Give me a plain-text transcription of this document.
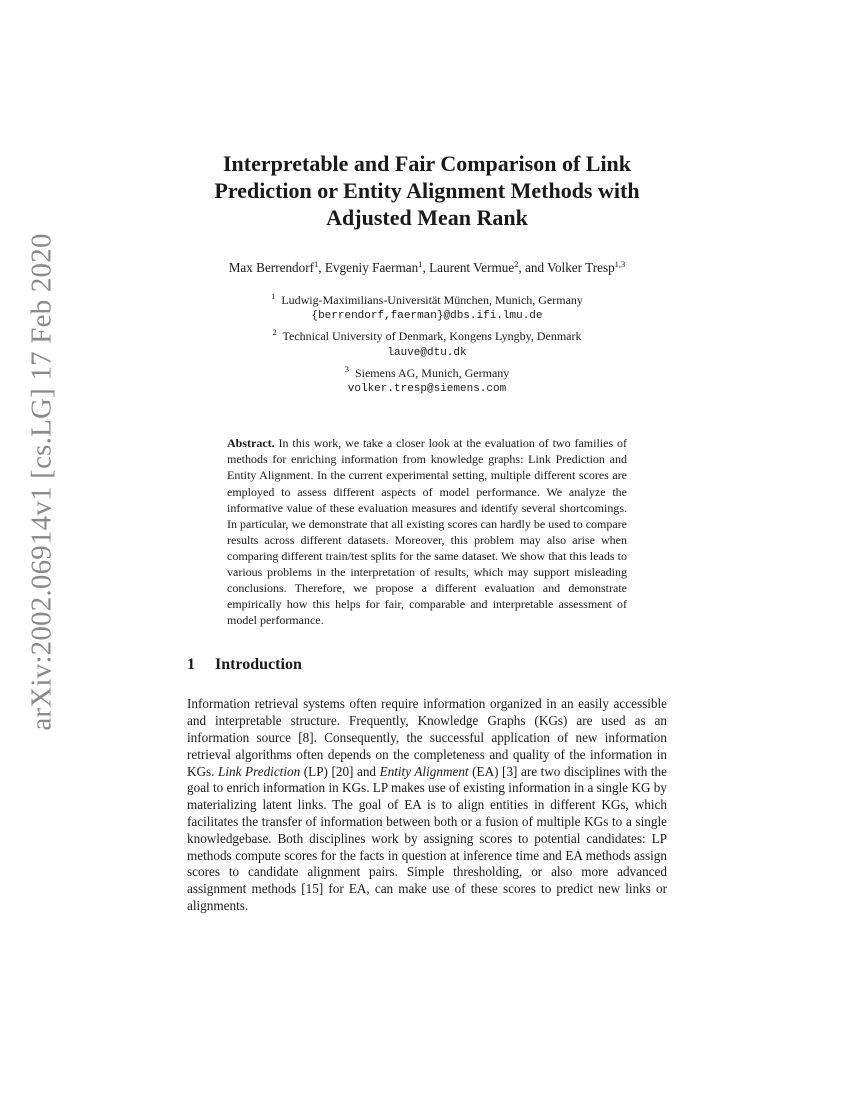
arXiv:2002.06914v1 [cs.LG] 17 Feb 2020
Interpretable and Fair Comparison of Link
Prediction or Entity Alignment Methods with
Adjusted Mean Rank
Max Berrendorf$^1$, Evgeniy Faerman$^1$, Laurent Vermue$^2$, and Volker Tresp$^{1,3}$
$^1$ Ludwig-Maximilians-Universität München, Munich, Germany
{berrendorf,faerman}@dbs.ifi.lmu.de
$^2$ Technical University of Denmark, Kongens Lyngby, Denmark
lauve@dtu.dk
$^3$ Siemens AG, Munich, Germany
volker.tresp@siemens.com
Abstract. In this work, we take a closer look at the evaluation of two families of methods for enriching information from knowledge graphs: Link Prediction and Entity Alignment. In the current experimental setting, multiple different scores are employed to assess different aspects of model performance. We analyze the informative value of these evaluation measures and identify several shortcomings. In particular, we demonstrate that all existing scores can hardly be used to compare results across different datasets. Moreover, this problem may also arise when comparing different train/test splits for the same dataset. We show that this leads to various problems in the interpretation of results, which may support misleading conclusions. Therefore, we propose a different evaluation and demonstrate empirically how this helps for fair, comparable and interpretable assessment of model performance.
1 Introduction

Information retrieval systems often require information organized in an easily accessible and interpretable structure. Frequently, Knowledge Graphs (KGs) are used as an information source [8]. Consequently, the successful application of new information retrieval algorithms often depends on the completeness and quality of the information in KGs. Link Prediction (LP) [20] and Entity Alignment (EA) [3] are two disciplines with the goal to enrich information in KGs. LP makes use of existing information in a single KG by materializing latent links. The goal of EA is to align entities in different KGs, which facilitates the transfer of information between both or a fusion of multiple KGs to a single knowledgebase. Both disciplines work by assigning scores to potential candidates: LP methods compute scores for the facts in question at inference time and EA methods assign scores to candidate alignment pairs. Simple thresholding, or also more advanced assignment methods [15] for EA, can make use of these scores to predict new links or alignments.
